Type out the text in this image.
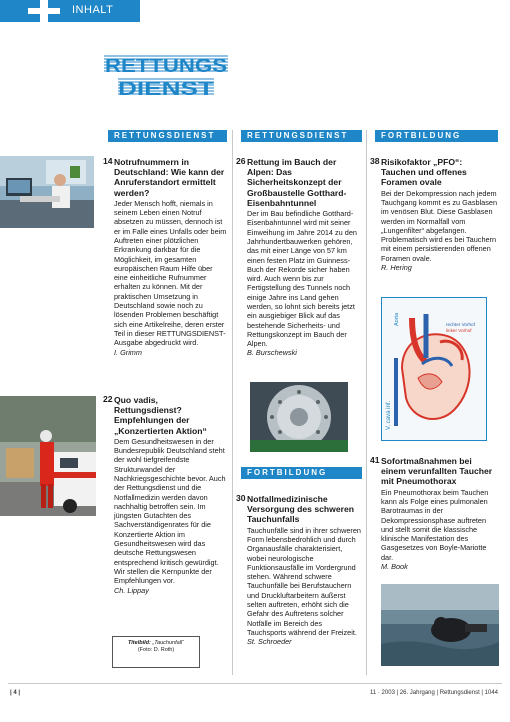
INHALT
RETTUNGS
DIENST
RETTUNGSDIENST	RETTUNGSDIENST	FORTBILDUNG
FORTBILDUNG
Aorta	rechter Vorhof
linker Vorhof
V. cava inf.
Titelbild: „Tauchunfall“
(Foto: D. Roth)
14 Notrufnummern in Deutschland: Wie kann der Anruferstandort ermittelt werden?

Jeder Mensch hofft, niemals in seinem Leben einen Notruf absetzen zu müssen, dennoch ist er im Falle eines Unfalls oder beim Auftreten einer plötzlichen Erkrankung darkbar für die Möglichkeit, im gesamten europäischen Raum Hilfe über eine einheitliche Rufnummer erhalten zu können. Mit der praktischen Umsetzung in Deutschland sowie noch zu lösenden Problemen beschäftigt sich eine Artikelreihe, deren erster Teil in dieser RETTUNGSDIENST-Ausgabe abgedruckt wird.

I. Grimm

22 Quo vadis, Rettungsdienst? Empfehlungen der „Konzertierten Aktion“

Dem Gesundheitswesen in der Bundesrepublik Deutschland steht der wohl tiefgreifendste Strukturwandel der Nachkriegsgeschichte bevor. Auch der Rettungsdienst und die Notfallmedizin werden davon nachhaltig betroffen sein. Im jüngsten Gutachten des Sachverständigenrates für die Konzertierte Aktion im Gesundheitswesen wird das deutsche Rettungswesen entsprechend kritisch gewürdigt. Wir stellen die Kernpunkte der Empfehlungen vor.

Ch. Lippay

26 Rettung im Bauch der Alpen: Das Sicherheitskonzept der Großbaustelle Gotthard-Eisenbahntunnel

Der im Bau befindliche Gotthard-Eisenbahntunnel wird mit seiner Einweihung im Jahre 2014 zu den Jahrhundertbauwerken gehören, das mit einer Länge von 57 km einen festen Platz im Guinness-Buch der Rekorde sicher haben wird. Auch wenn bis zur Fertigstellung des Tunnels noch einige Jahre ins Land gehen werden, so lohnt sich bereits jetzt ein ausgiebiger Blick auf das bestehende Sicherheits- und Rettungskonzept im Bauch der Alpen.

B. Burschewski

30 Notfallmedizinische Versorgung des schweren Tauchunfalls

Tauchunfälle sind in ihrer schweren Form lebensbedrohlich und durch Organausfälle charakterisiert, wobei neurologische Funktionsausfälle im Vordergrund stehen. Während schwere Tauchunfälle bei Berufstauchern und Druckluftarbeitern äußerst selten auftreten, erhöht sich die Gefahr des Auftretens solcher Notfälle im Bereich des Tauchsports während der Freizeit.

St. Schroeder

38 Risikofaktor „PFO“: Tauchen und offenes Foramen ovale

Bei der Dekompression nach jedem Tauchgang kommt es zu Gasblasen im venösen Blut. Diese Gasblasen werden im Normalfall vom „Lungenfilter“ abgefangen. Problematisch wird es bei Tauchern mit einem persistierenden offenen Foramen ovale.

R. Hering

41 Sofortmaßnahmen bei einem verunfallten Taucher mit Pneumothorax

Ein Pneumothorax beim Tauchen kann als Folge eines pulmonalen Barotraumas in der Dekompressionsphase auftreten und stellt somit die klassische klinische Manifestation des Gasgesetzes von Boyle-Mariotte dar.

M. Book

| 4 |	11 · 2003 | 26. Jahrgang | Rettungsdienst | 1044
